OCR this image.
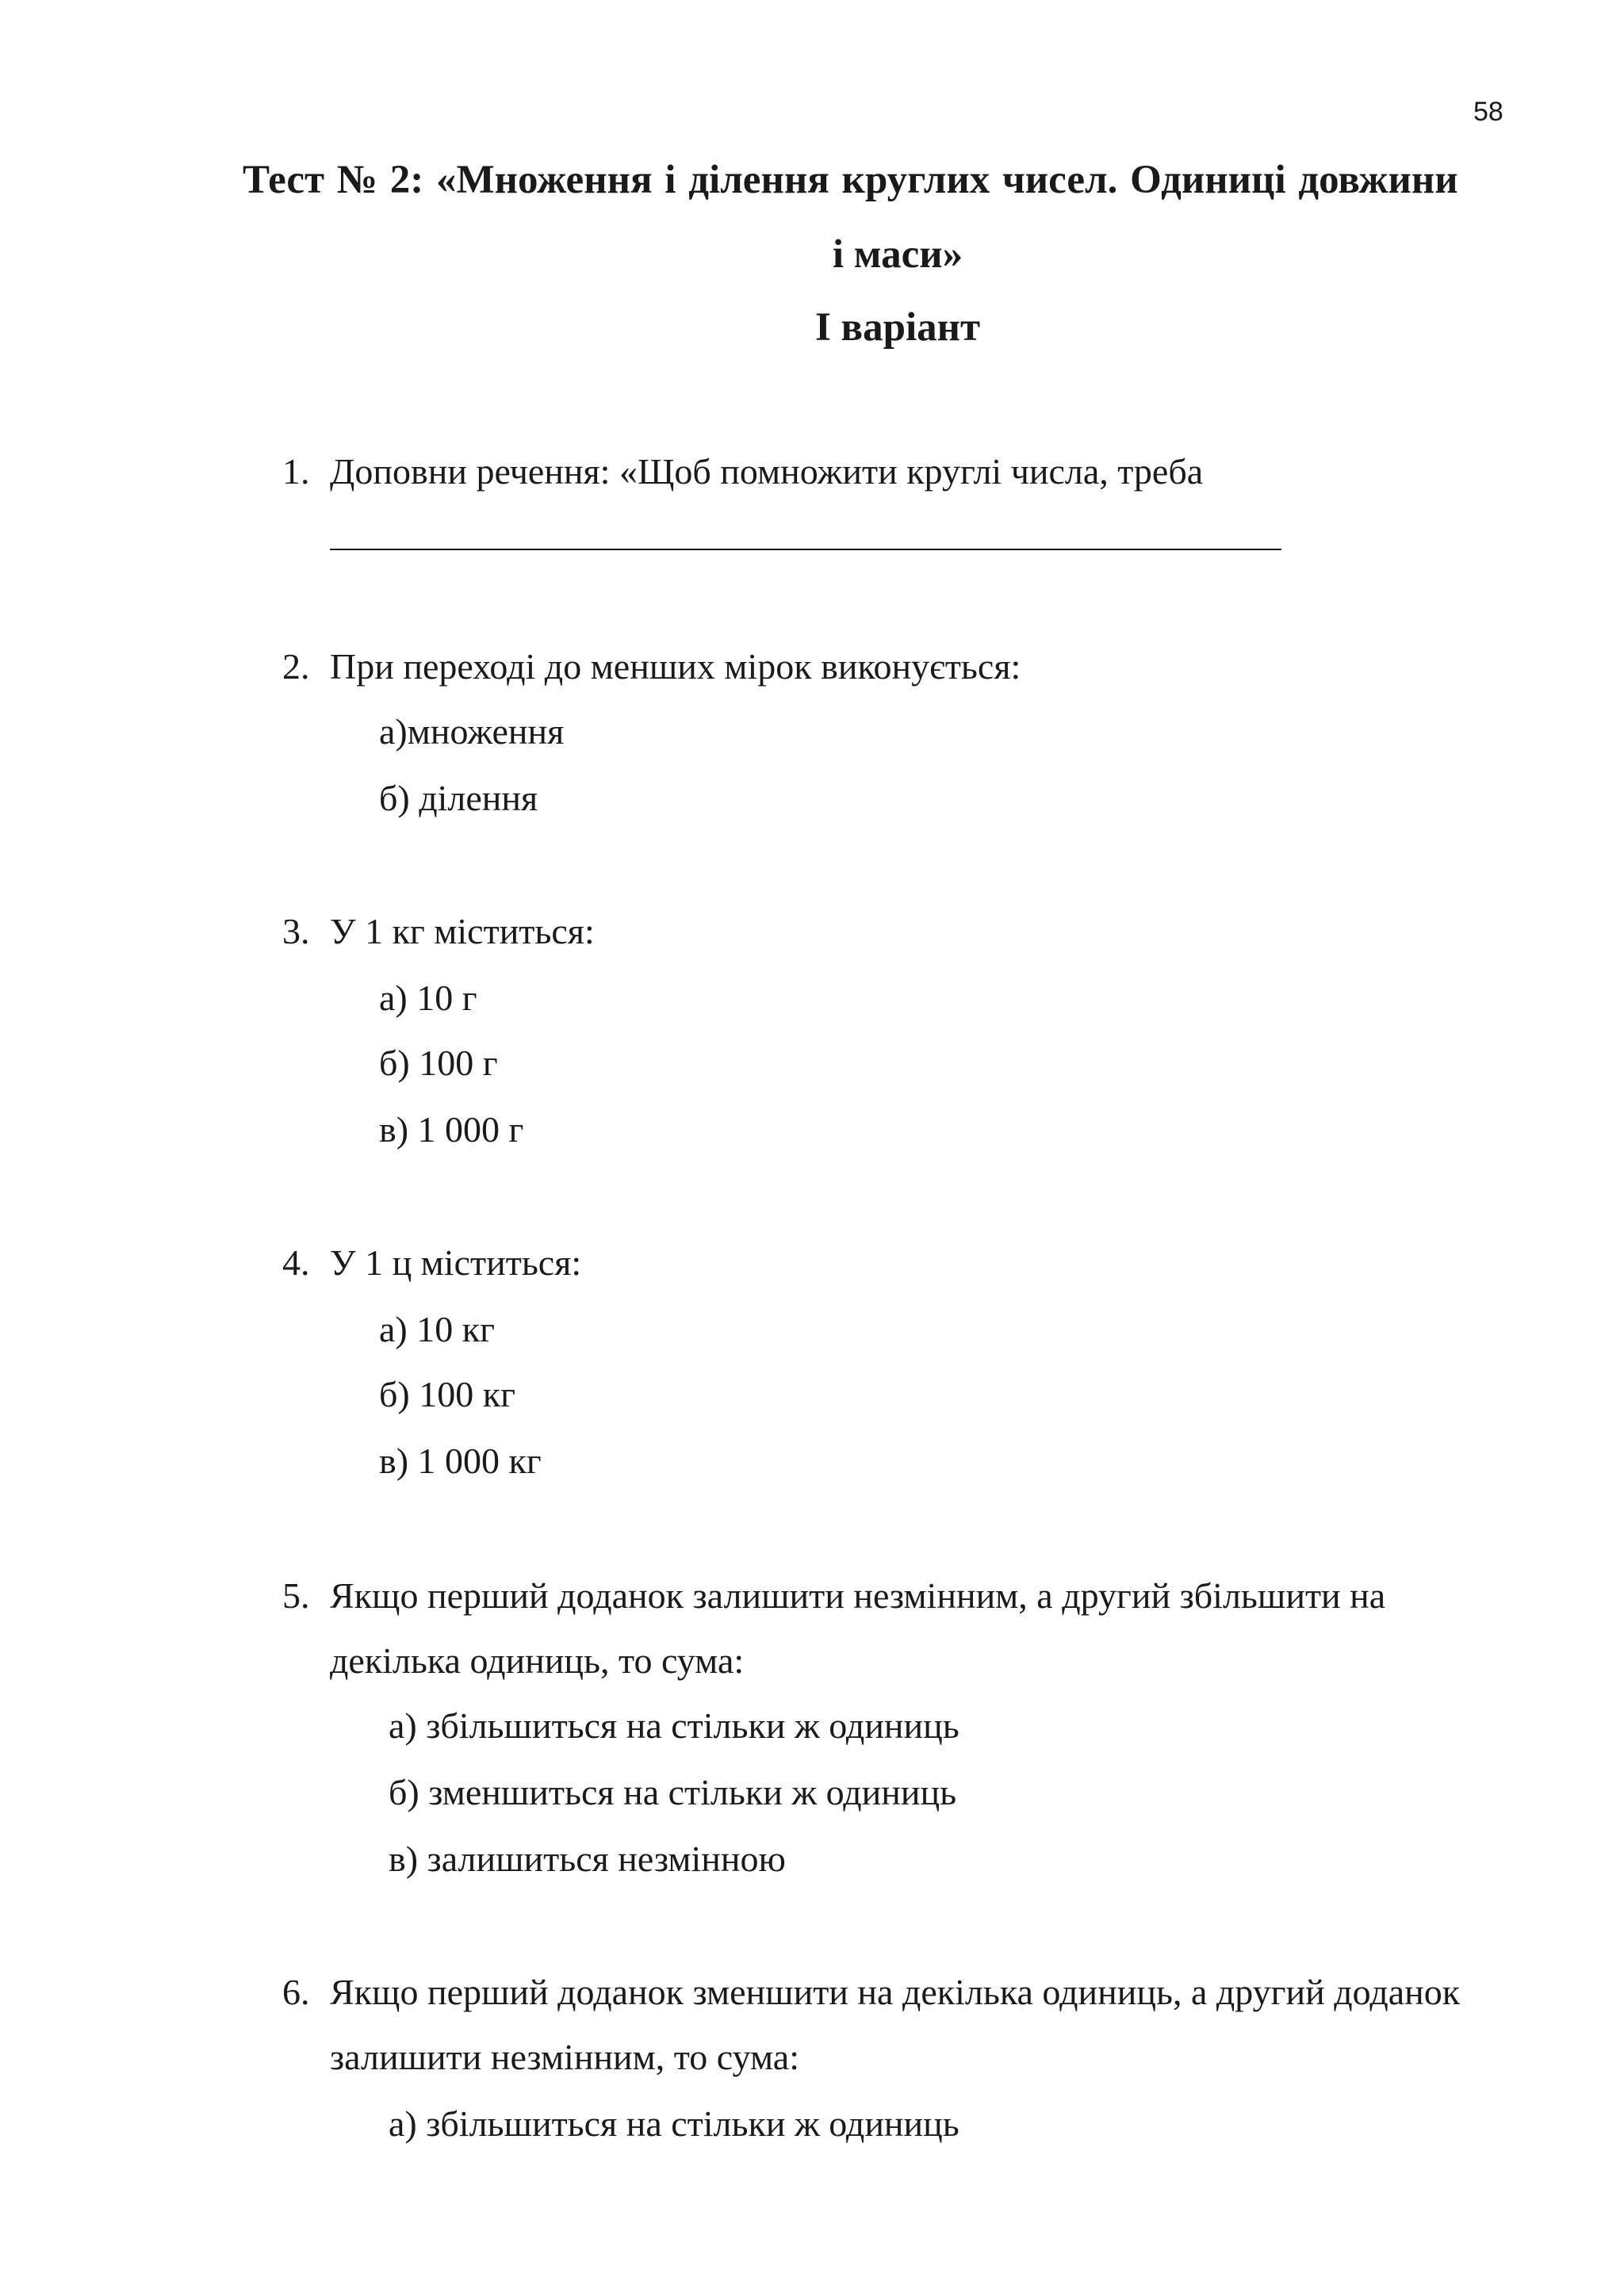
58
Тест № 2: «Множення і ділення круглих чисел. Одиниці довжини
і маси»
І варіант
1. Доповни речення: «Щоб помножити круглі числа, треба
2. При переході до менших мірок виконується:
а)множення
б) ділення
3. У 1 кг міститься:
а) 10 г
б) 100 г
в) 1 000 г
4. У 1 ц міститься:
а) 10 кг
б) 100 кг
в) 1 000 кг
5. Якщо перший доданок залишити незмінним, а другий збільшити на
декілька одиниць, то сума:
а) збільшиться на стільки ж одиниць
б) зменшиться на стільки ж одиниць
в) залишиться незмінною
6. Якщо перший доданок зменшити на декілька одиниць, а другий доданок
залишити незмінним, то сума:
а) збільшиться на стільки ж одиниць
